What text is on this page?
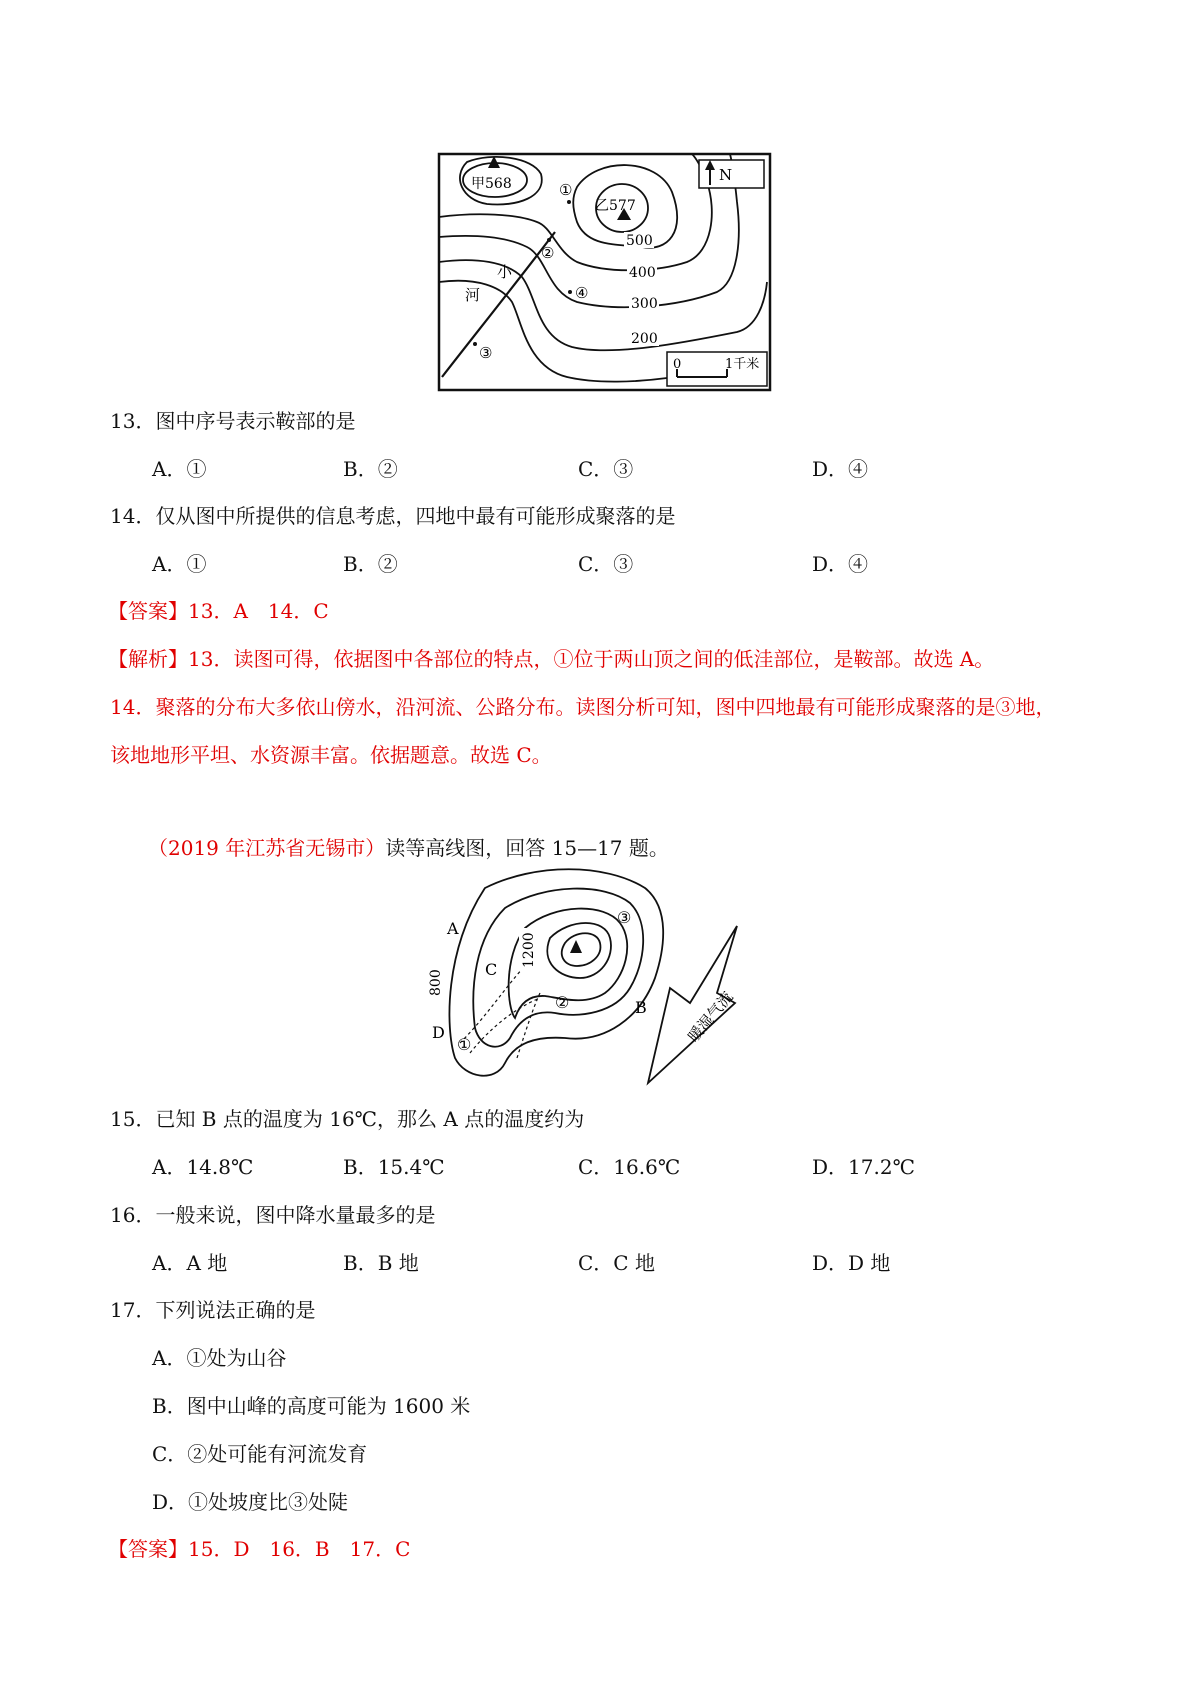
N
甲568
乙577
500
400
300
200
小
河
①
②
③
④
0	1千米
13．图中序号表示鞍部的是
A．①	B．②	C．③	D．④
14．仅从图中所提供的信息考虑，四地中最有可能形成聚落的是
A．①	B．②	C．③	D．④
【答案】13．A　14．C
【解析】13．读图可得，依据图中各部位的特点，①位于两山顶之间的低洼部位，是鞍部。故选 A。
14．聚落的分布大多依山傍水，沿河流、公路分布。读图分析可知，图中四地最有可能形成聚落的是③地，
该地地形平坦、水资源丰富。依据题意。故选 C。
（2019 年江苏省无锡市）读等高线图，回答 15—17 题。
A
B
C
D
800
1200
①
②
③
暖湿气流
15．已知 B 点的温度为 16℃，那么 A 点的温度约为
A．14.8℃	B．15.4℃	C．16.6℃	D．17.2℃
16．一般来说，图中降水量最多的是
A．A 地	B．B 地	C．C 地	D．D 地
17．下列说法正确的是
A．①处为山谷
B．图中山峰的高度可能为 1600 米
C．②处可能有河流发育
D．①处坡度比③处陡
【答案】15．D　16．B　17．C
